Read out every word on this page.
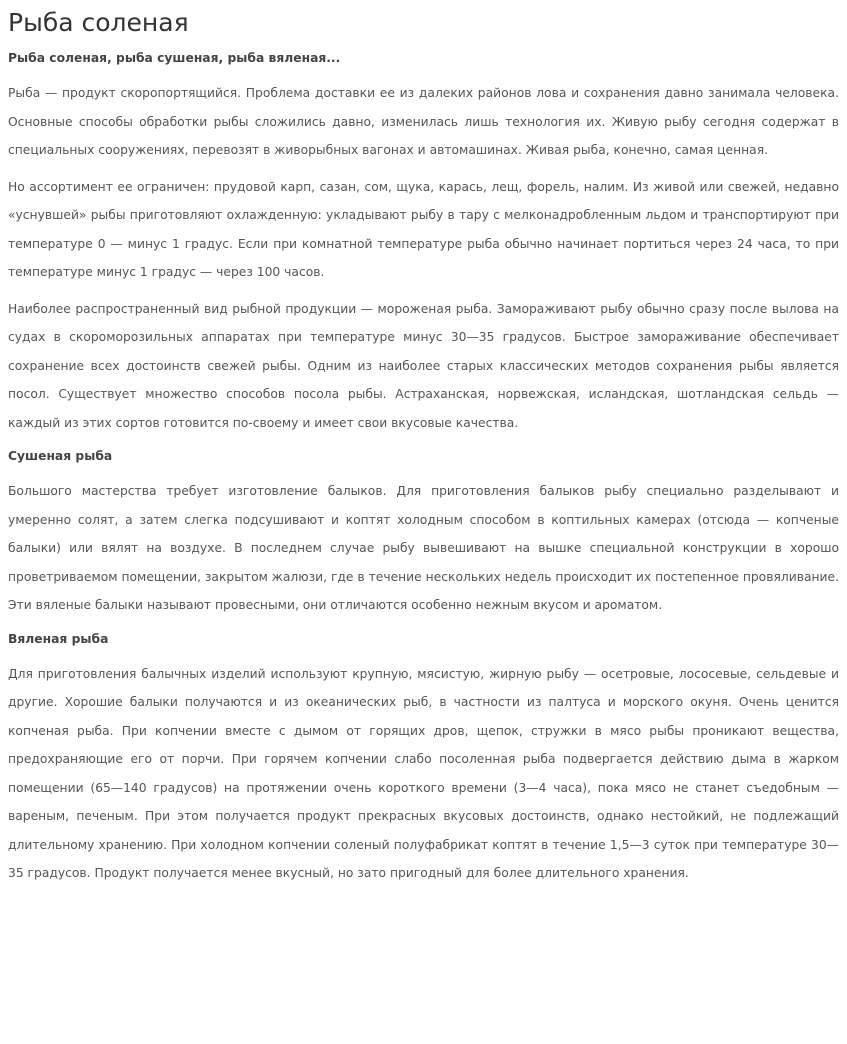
Рыба соленая

Рыба соленая, рыба сушеная, рыба вяленая...

Рыба — продукт скоропортящийся. Проблема доставки ее из далеких районов лова и сохранения давно занимала человека. Основные способы обработки рыбы сложились давно, изменилась лишь технология их. Живую рыбу сегодня содержат в специальных сооружениях, перевозят в живорыбных вагонах и автомашинах. Живая рыба, конечно, самая ценная.

Но ассортимент ее ограничен: прудовой карп, сазан, сом, щука, карась, лещ, форель, налим. Из живой или свежей, недавно «уснувшей» рыбы приготовляют охлажденную: укладывают рыбу в тару с мелконадробленным льдом и транспортируют при температуре 0 — минус 1 градус. Если при комнатной температуре рыба обычно начинает портиться через 24 часа, то при температуре минус 1 градус — через 100 часов.

Наиболее распространенный вид рыбной продукции — мороженая рыба. Замораживают рыбу обычно сразу после вылова на судах в скороморозильных аппаратах при температуре минус 30—35 градусов. Быстрое замораживание обеспечивает сохранение всех достоинств свежей рыбы. Одним из наиболее старых классических методов сохранения рыбы является посол. Существует множество способов посола рыбы. Астраханская, норвежская, исландская, шотландская сельдь — каждый из этих сортов готовится по-своему и имеет свои вкусовые качества.

Сушеная рыба

Большого мастерства требует изготовление балыков. Для приготовления балыков рыбу специально разделывают и умеренно солят, а затем слегка подсушивают и коптят холодным способом в коптильных камерах (отсюда — копченые балыки) или вялят на воздухе. В последнем случае рыбу вывешивают на вышке специальной конструкции в хорошо проветриваемом помещении, закрытом жалюзи, где в течение нескольких недель происходит их постепенное провяливание. Эти вяленые балыки называют провесными, они отличаются особенно нежным вкусом и ароматом.

Вяленая рыба

Для приготовления балычных изделий используют крупную, мясистую, жирную рыбу — осетровые, лососевые, сельдевые и другие. Хорошие балыки получаются и из океанических рыб, в частности из палтуса и морского окуня. Очень ценится копченая рыба. При копчении вместе с дымом от горящих дров, щепок, стружки в мясо рыбы проникают вещества, предохраняющие его от порчи. При горячем копчении слабо посоленная рыба подвергается действию дыма в жарком помещении (65—140 градусов) на протяжении очень короткого времени (3—4 часа), пока мясо не станет съедобным — вареным, печеным. При этом получается продукт прекрасных вкусовых достоинств, однако нестойкий, не подлежащий длительному хранению. При холодном копчении соленый полуфабрикат коптят в течение 1,5—3 суток при температуре 30—35 градусов. Продукт получается менее вкусный, но зато пригодный для более длительного хранения.
